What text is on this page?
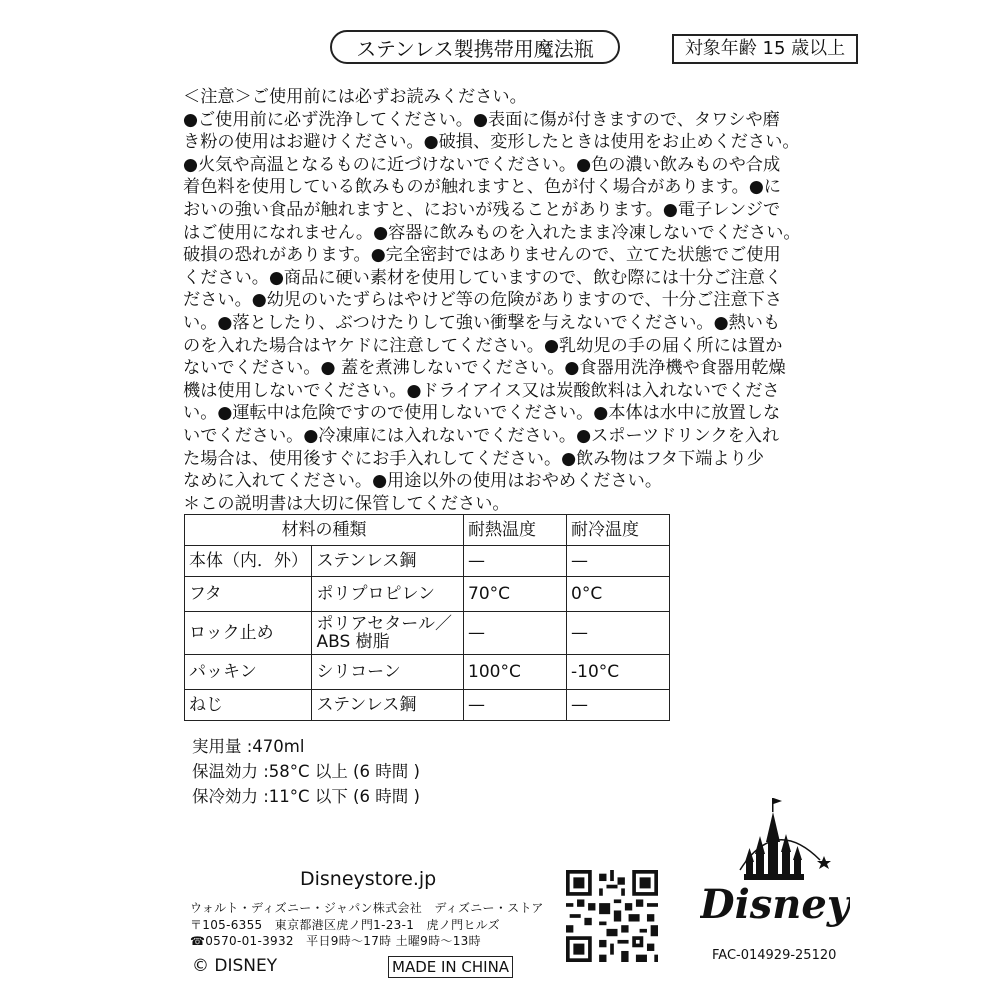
ステンレス製携帯用魔法瓶	対象年齢 15 歳以上
＜注意＞ご使用前には必ずお読みください。
●ご使用前に必ず洗浄してください。●表面に傷が付きますので、タワシや磨
き粉の使用はお避けください。●破損、変形したときは使用をお止めください。
●火気や高温となるものに近づけないでください。●色の濃い飲みものや合成
着色料を使用している飲みものが触れますと、色が付く場合があります。●に
おいの強い食品が触れますと、においが残ることがあります。●電子レンジで
はご使用になれません。●容器に飲みものを入れたまま冷凍しないでください。
破損の恐れがあります。●完全密封ではありませんので、立てた状態でご使用
ください。●商品に硬い素材を使用していますので、飲む際には十分ご注意く
ださい。●幼児のいたずらはやけど等の危険がありますので、十分ご注意下さ
い。●落としたり、ぶつけたりして強い衝撃を与えないでください。●熱いも
のを入れた場合はヤケドに注意してください。●乳幼児の手の届く所には置か
ないでください。● 蓋を煮沸しないでください。●食器用洗浄機や食器用乾燥
機は使用しないでください。●ドライアイス又は炭酸飲料は入れないでくださ
い。●運転中は危険ですので使用しないでください。●本体は水中に放置しな
いでください。●冷凍庫には入れないでください。●スポーツドリンクを入れ
た場合は、使用後すぐにお手入れしてください。●飲み物はフタ下端より少
なめに入れてください。●用途以外の使用はおやめください。
＊この説明書は大切に保管してください。
材料の種類		耐熱温度	耐冷温度
本体（内．外）	ステンレス鋼	—	—
フタ	ポリプロピレン	70°C	0°C
ロック止め	ポリアセタール／
ABS 樹脂	—	—
パッキン	シリコーン	100°C	-10°C
ねじ	ステンレス鋼	—	—
実用量 :470ml
保温効力 :58°C 以上 (6 時間 )
保冷効力 :11°C 以下 (6 時間 )
Disneystore.jp
ウォルト・ディズニー・ジャパン株式会社　ディズニー・ストア
〒105-6355　東京都港区虎ノ門1-23-1　虎ノ門ヒルズ
☎0570-01-3932　平日9時～17時 土曜9時～13時
© DISNEY	MADE IN CHINA
Disney
FAC-014929-25120
